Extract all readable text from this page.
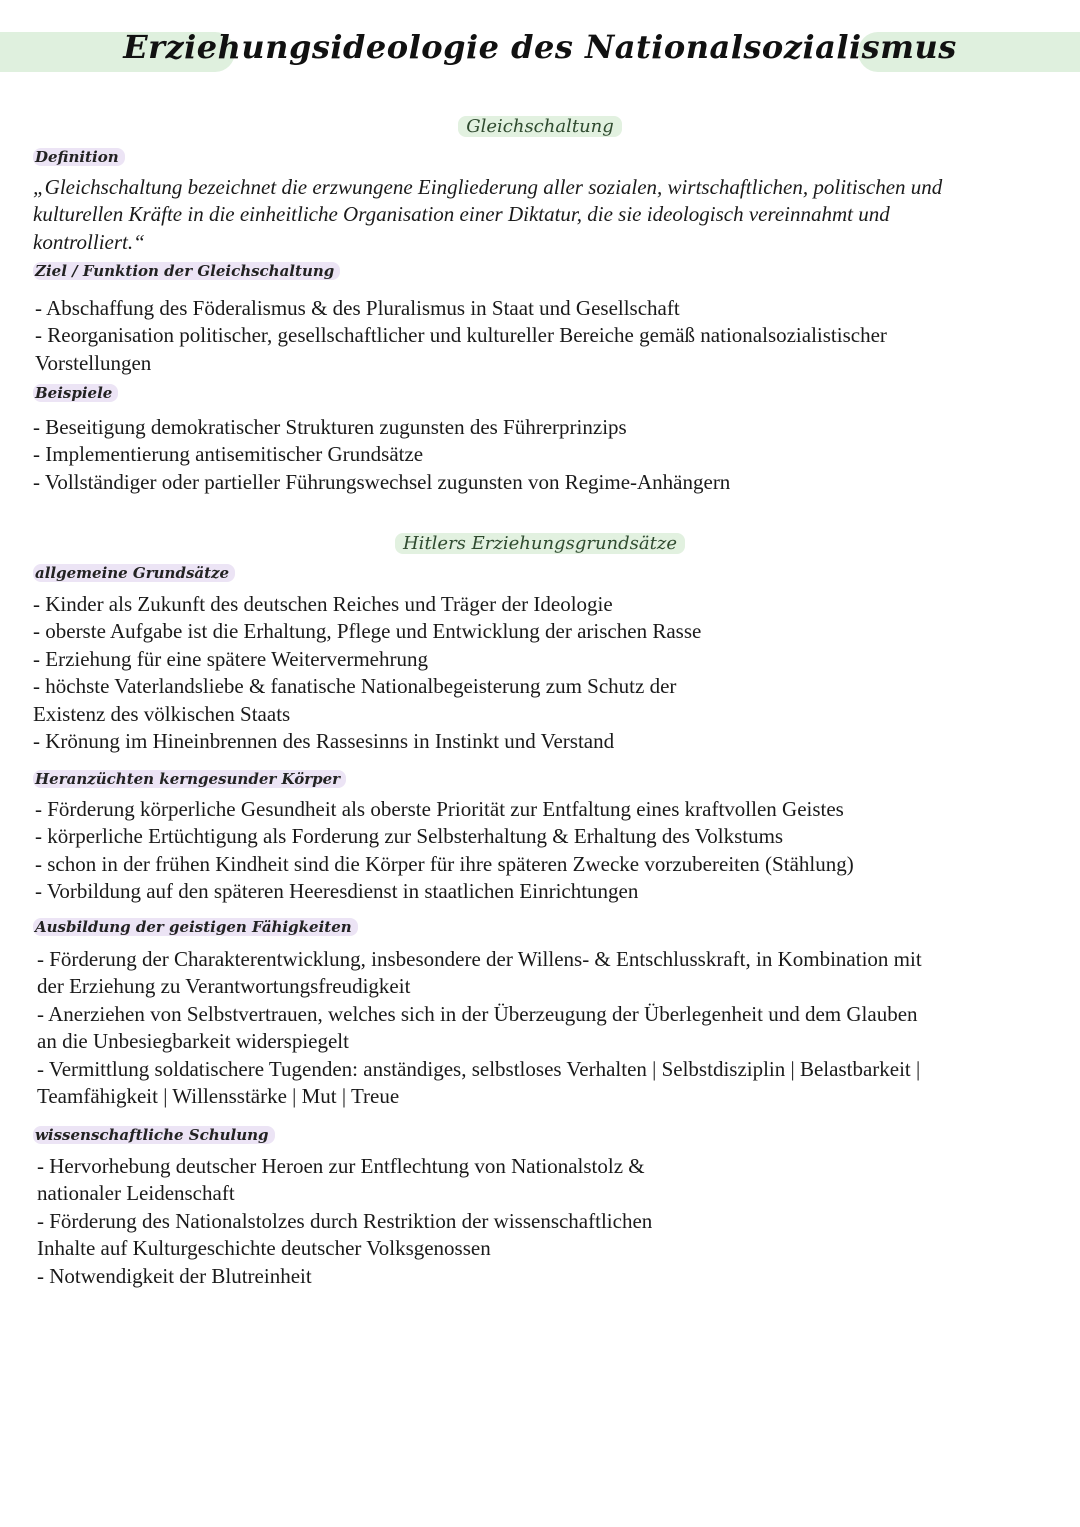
Erziehungsideologie des Nationalsozialismus
Gleichschaltung
Definition
„Gleichschaltung bezeichnet die erzwungene Eingliederung aller sozialen, wirtschaftlichen, politischen und
kulturellen Kräfte in die einheitliche Organisation einer Diktatur, die sie ideologisch vereinnahmt und
kontrolliert.“
Ziel / Funktion der Gleichschaltung
- Abschaffung des Föderalismus & des Pluralismus in Staat und Gesellschaft
- Reorganisation politischer, gesellschaftlicher und kultureller Bereiche gemäß nationalsozialistischer
Vorstellungen
Beispiele
- Beseitigung demokratischer Strukturen zugunsten des Führerprinzips
- Implementierung antisemitischer Grundsätze
- Vollständiger oder partieller Führungswechsel zugunsten von Regime-Anhängern
Hitlers Erziehungsgrundsätze
allgemeine Grundsätze
- Kinder als Zukunft des deutschen Reiches und Träger der Ideologie
- oberste Aufgabe ist die Erhaltung, Pflege und Entwicklung der arischen Rasse
- Erziehung für eine spätere Weitervermehrung
- höchste Vaterlandsliebe & fanatische Nationalbegeisterung zum Schutz der
Existenz des völkischen Staats
- Krönung im Hineinbrennen des Rassesinns in Instinkt und Verstand
Heranzüchten kerngesunder Körper
- Förderung körperliche Gesundheit als oberste Priorität zur Entfaltung eines kraftvollen Geistes
- körperliche Ertüchtigung als Forderung zur Selbsterhaltung & Erhaltung des Volkstums
- schon in der frühen Kindheit sind die Körper für ihre späteren Zwecke vorzubereiten (Stählung)
- Vorbildung auf den späteren Heeresdienst in staatlichen Einrichtungen
Ausbildung der geistigen Fähigkeiten
- Förderung der Charakterentwicklung, insbesondere der Willens- & Entschlusskraft, in Kombination mit
der Erziehung zu Verantwortungsfreudigkeit
- Anerziehen von Selbstvertrauen, welches sich in der Überzeugung der Überlegenheit und dem Glauben
an die Unbesiegbarkeit widerspiegelt
- Vermittlung soldatischere Tugenden: anständiges, selbstloses Verhalten | Selbstdisziplin | Belastbarkeit |
Teamfähigkeit | Willensstärke | Mut | Treue
wissenschaftliche Schulung
- Hervorhebung deutscher Heroen zur Entflechtung von Nationalstolz &
nationaler Leidenschaft
- Förderung des Nationalstolzes durch Restriktion der wissenschaftlichen
Inhalte auf Kulturgeschichte deutscher Volksgenossen
- Notwendigkeit der Blutreinheit
